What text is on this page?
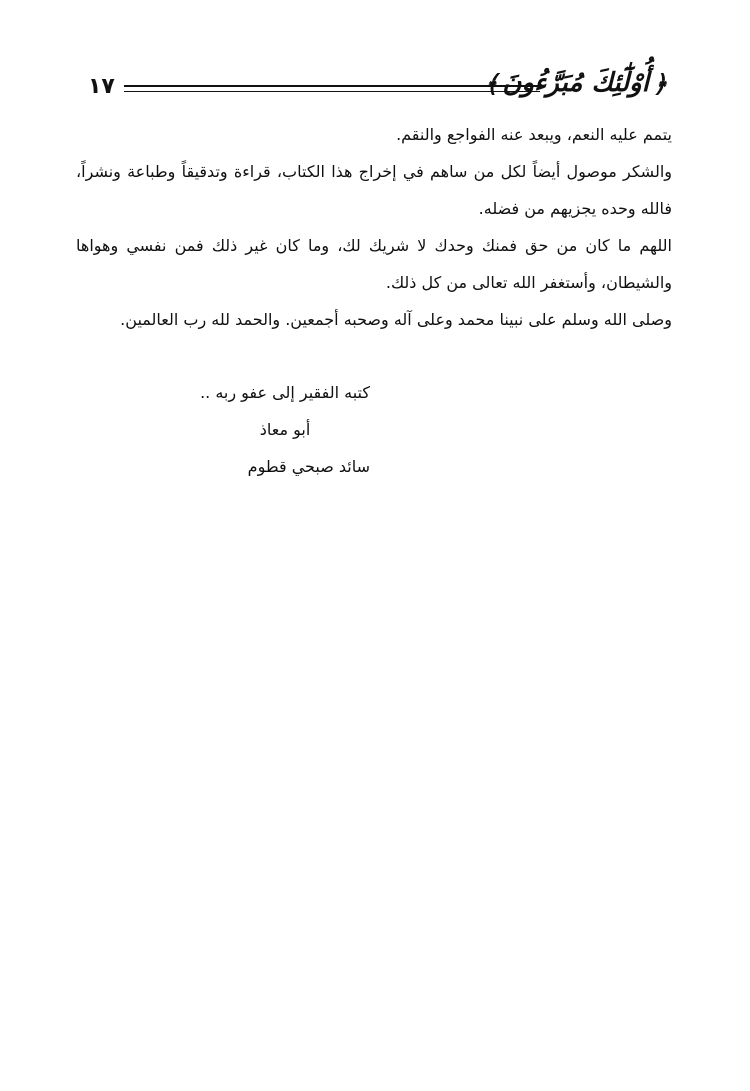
١٧	﴿
أُوْلَٰٓئِكَ مُبَرَّءُونَ
﴾

يتمم عليه النعم، ويبعد عنه الفواجع والنقم.

والشكر موصول أيضاً لكل من ساهم في إخراج هذا الكتاب، قراءة وتدقيقاً وطباعة ونشراً، فالله وحده يجزيهم من فضله.

اللهم ما كان من حق فمنك وحدك لا شريك لك، وما كان غير ذلك فمن نفسي وهواها والشيطان، وأستغفر الله تعالى من كل ذلك.

وصلى الله وسلم على نبينا محمد وعلى آله وصحبه أجمعين. والحمد لله رب العالمين.

كتبه الفقير إلى عفو ربه ..
أبو معاذ
سائد صبحي قطوم
